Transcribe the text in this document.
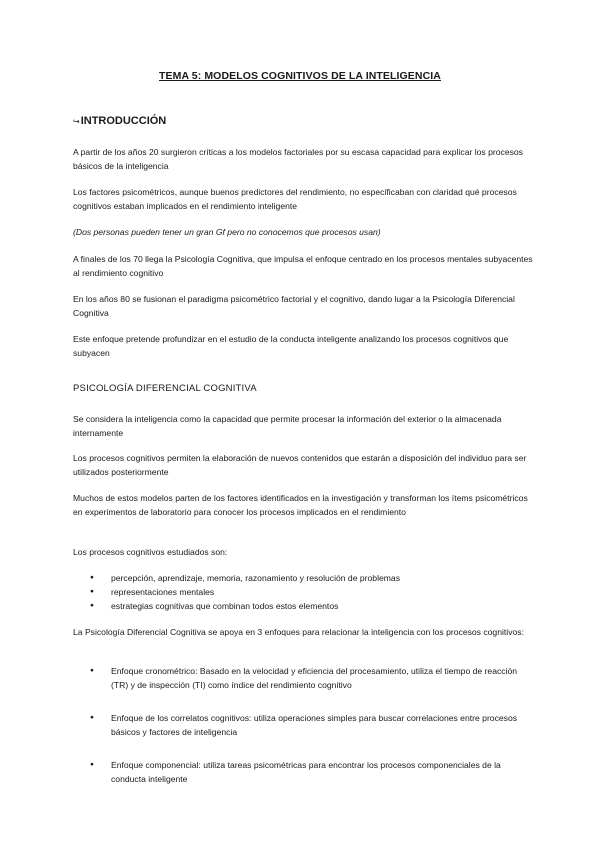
TEMA 5: MODELOS COGNITIVOS DE LA INTELIGENCIA
↪INTRODUCCIÓN

A partir de los años 20 surgieron críticas a los modelos factoriales por su escasa capacidad para explicar los procesos básicos de la inteligencia

Los factores psicométricos, aunque buenos predictores del rendimiento, no especificaban con claridad qué procesos cognitivos estaban implicados en el rendimiento inteligente

(Dos personas pueden tener un gran Gf pero no conocemos que procesos usan)

A finales de los 70 llega la Psicología Cognitiva, que impulsa el enfoque centrado en los procesos mentales subyacentes al rendimiento cognitivo

En los años 80 se fusionan el paradigma psicométrico factorial y el cognitivo, dando lugar a la Psicología Diferencial Cognitiva

Este enfoque pretende profundizar en el estudio de la conducta inteligente analizando los procesos cognitivos que subyacen

PSICOLOGÍA DIFERENCIAL COGNITIVA

Se considera la inteligencia como la capacidad que permite procesar la información del exterior o la almacenada internamente

Los procesos cognitivos permiten la elaboración de nuevos contenidos que estarán a disposición del individuo para ser utilizados posteriormente

Muchos de estos modelos parten de los factores identificados en la investigación y transforman los ítems psicométricos en experimentos de laboratorio para conocer los procesos implicados en el rendimiento

Los procesos cognitivos estudiados son:

● percepción, aprendizaje, memoria, razonamiento y resolución de problemas
● representaciones mentales
● estrategias cognitivas que combinan todos estos elementos

La Psicología Diferencial Cognitiva se apoya en 3 enfoques para relacionar la inteligencia con los procesos cognitivos:

● Enfoque cronométrico: Basado en la velocidad y eficiencia del procesamiento, utiliza el tiempo de reacción (TR) y de inspección (TI) como índice del rendimiento cognitivo
● Enfoque de los correlatos cognitivos: utiliza operaciones simples para buscar correlaciones entre procesos básicos y factores de inteligencia
● Enfoque componencial: utiliza tareas psicométricas para encontrar los procesos componenciales de la conducta inteligente
